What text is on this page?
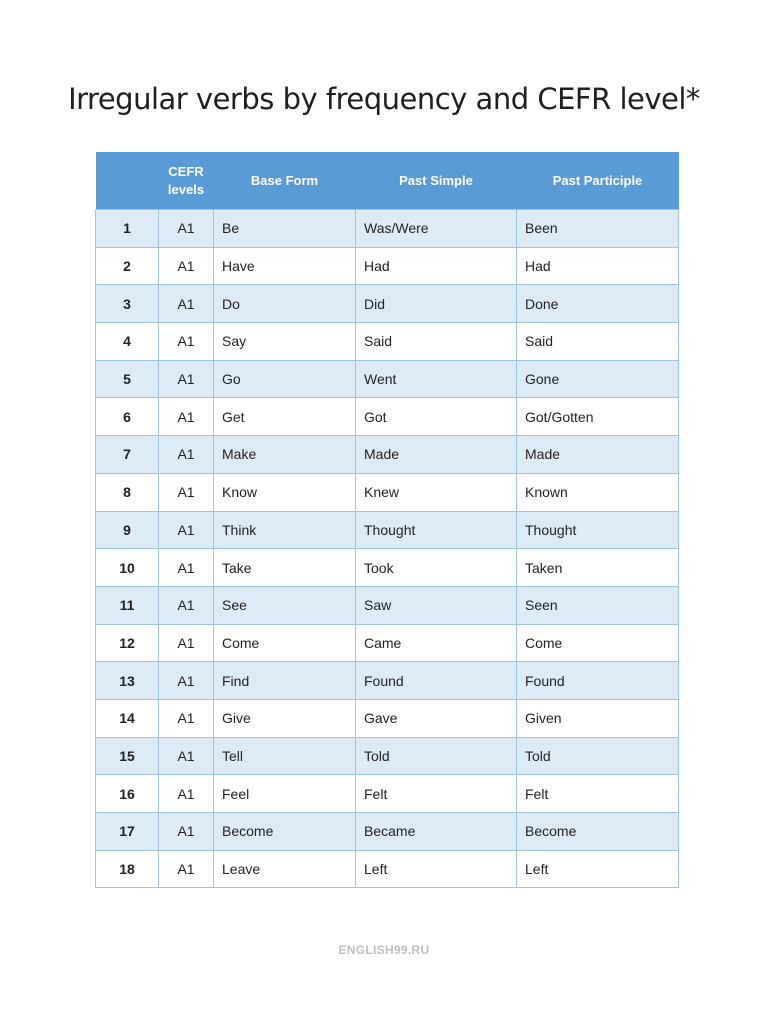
Irregular verbs by frequency and CEFR level*
	CEFR levels	Base Form	Past Simple	Past Participle
1	A1	Be	Was/Were	Been
2	A1	Have	Had	Had
3	A1	Do	Did	Done
4	A1	Say	Said	Said
5	A1	Go	Went	Gone
6	A1	Get	Got	Got/Gotten
7	A1	Make	Made	Made
8	A1	Know	Knew	Known
9	A1	Think	Thought	Thought
10	A1	Take	Took	Taken
11	A1	See	Saw	Seen
12	A1	Come	Came	Come
13	A1	Find	Found	Found
14	A1	Give	Gave	Given
15	A1	Tell	Told	Told
16	A1	Feel	Felt	Felt
17	A1	Become	Became	Become
18	A1	Leave	Left	Left
ENGLISH99.RU
